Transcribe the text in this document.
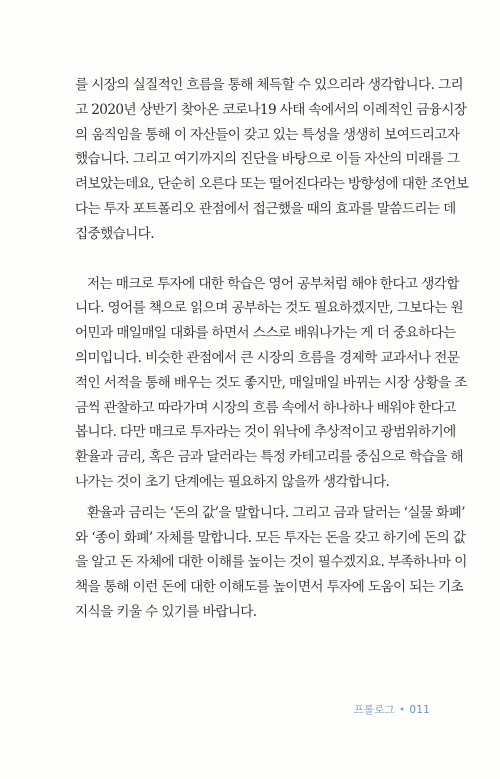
를 시장의 실질적인 흐름을 통해 체득할 수 있으리라 생각합니다. 그리
고 2020년 상반기 찾아온 코로나19 사태 속에서의 이례적인 금융시장
의 움직임을 통해 이 자산들이 갖고 있는 특성을 생생히 보여드리고자
했습니다. 그리고 여기까지의 진단을 바탕으로 이들 자산의 미래를 그
려보았는데요, 단순히 오른다 또는 떨어진다라는 방향성에 대한 조언보
다는 투자 포트폴리오 관점에서 접근했을 때의 효과를 말씀드리는 데
집중했습니다.
저는 매크로 투자에 대한 학습은 영어 공부처럼 해야 한다고 생각합
니다. 영어를 책으로 읽으며 공부하는 것도 필요하겠지만, 그보다는 원
어민과 매일매일 대화를 하면서 스스로 배워나가는 게 더 중요하다는
의미입니다. 비슷한 관점에서 큰 시장의 흐름을 경제학 교과서나 전문
적인 서적을 통해 배우는 것도 좋지만, 매일매일 바뀌는 시장 상황을 조
금씩 관찰하고 따라가며 시장의 흐름 속에서 하나하나 배워야 한다고
봅니다. 다만 매크로 투자라는 것이 워낙에 추상적이고 광범위하기에
환율과 금리, 혹은 금과 달러라는 특정 카테고리를 중심으로 학습을 해
나가는 것이 초기 단계에는 필요하지 않을까 생각합니다.
환율과 금리는 ‘돈의 값’을 말합니다. 그리고 금과 달러는 ‘실물 화폐’
와 ‘종이 화폐’ 자체를 말합니다. 모든 투자는 돈을 갖고 하기에 돈의 값
을 알고 돈 자체에 대한 이해를 높이는 것이 필수겠지요. 부족하나마 이
책을 통해 이런 돈에 대한 이해도를 높이면서 투자에 도움이 되는 기초
지식을 키울 수 있기를 바랍니다.
프롤로그 • 011
